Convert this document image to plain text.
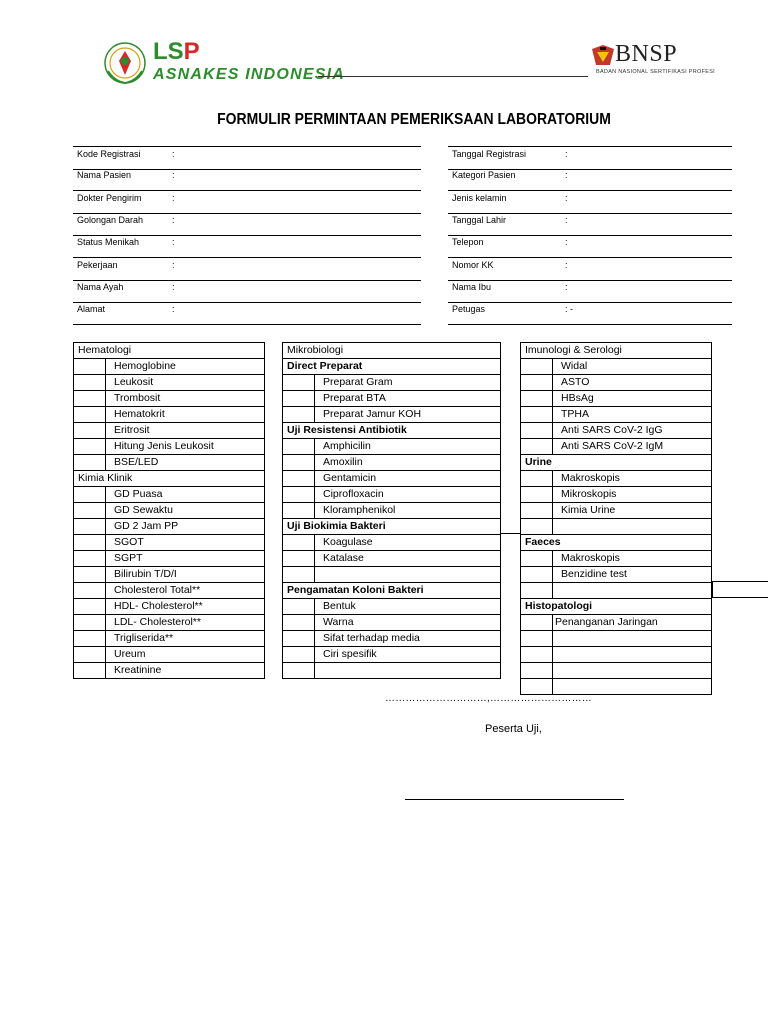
LSP
ASNAKES INDONESIA
BNSP
BADAN NASIONAL SERTIFIKASI PROFESI
FORMULIR PERMINTAAN PEMERIKSAAN LABORATORIUM
Kode Registrasi	:
Nama Pasien	:
Dokter Pengirim	:
Golongan Darah	:
Status Menikah	:
Pekerjaan	:
Nama Ayah	:
Alamat	:
Tanggal Registrasi	:
Kategori Pasien	:
Jenis kelamin	:
Tanggal Lahir	:
Telepon	:
Nomor KK	:
Nama Ibu	:
Petugas	: -
Hematologi	
	Hemoglobine
	Leukosit
	Trombosit
	Hematokrit
	Eritrosit
	Hitung Jenis Leukosit
	BSE/LED
Kimia Klinik	
	GD Puasa
	GD Sewaktu
	GD 2 Jam PP
	SGOT
	SGPT
	Bilirubin T/D/I
	Cholesterol Total**
	HDL- Cholesterol**
	LDL- Cholesterol**
	Trigliserida**
	Ureum
	Kreatinine
Mikrobiologi	
Direct Preparat	
	Preparat Gram
	Preparat BTA
	Preparat Jamur KOH
Uji Resistensi Antibiotik	
	Amphicilin
	Amoxilin
	Gentamicin
	Ciprofloxacin
	Kloramphenikol
Uji Biokimia Bakteri	
	Koagulase
	Katalase

Pengamatan Koloni Bakteri	
	Bentuk
	Warna
	Sifat terhadap media
	Ciri spesifik

Imunologi & Serologi	
	Widal
	ASTO
	HBsAg
	TPHA
	Anti SARS CoV-2 IgG
	Anti SARS CoV-2 IgM
Urine	
	Makroskopis
	Mikroskopis
	Kimia Urine

Faeces	
	Makroskopis
	Benzidine test

Histopatologi	
	Penanganan Jaringan

…………………………,…………………………
Peserta Uji,
